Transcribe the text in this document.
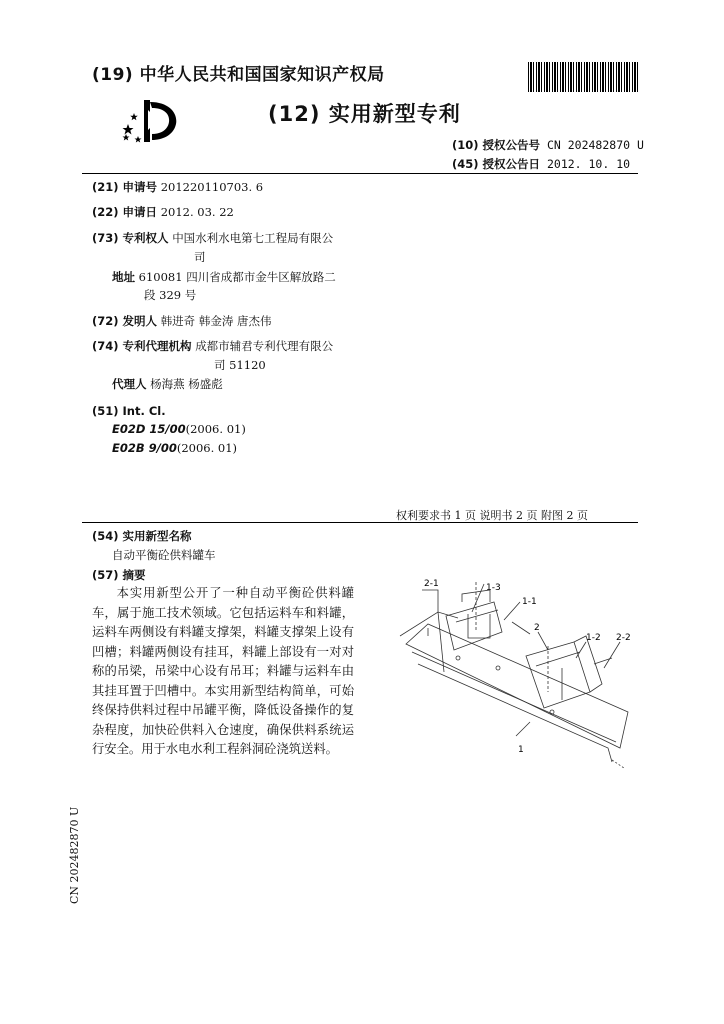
(19) 中华人民共和国国家知识产权局
(12) 实用新型专利
(10) 授权公告号 CN 202482870 U
(45) 授权公告日 2012. 10. 10
(21) 申请号 201220110703. 6
(22) 申请日 2012. 03. 22
(73) 专利权人 中国水利水电第七工程局有限公
司
地址 610081 四川省成都市金牛区解放路二
段 329 号
(72) 发明人 韩进奇 韩金涛 唐杰伟
(74) 专利代理机构 成都市辅君专利代理有限公
司 51120
代理人 杨海燕 杨盛彪
(51) Int. Cl.
E02D 15/00(2006. 01)
E02B 9/00(2006. 01)
权利要求书 1 页 说明书 2 页 附图 2 页
(54) 实用新型名称
自动平衡砼供料罐车
(57) 摘要

本实用新型公开了一种自动平衡砼供料罐车，属于施工技术领域。它包括运料车和料罐，运料车两侧设有料罐支撑架，料罐支撑架上设有凹槽；料罐两侧设有挂耳，料罐上部设有一对对称的吊梁，吊梁中心设有吊耳；料罐与运料车由其挂耳置于凹槽中。本实用新型结构简单，可始终保持供料过程中吊罐平衡，降低设备操作的复杂程度，加快砼供料入仓速度，确保供料系统运行安全。用于水电水利工程斜洞砼浇筑送料。

2-1	1-3
1-1
2
1-2 2-2
1
CN 202482870 U
